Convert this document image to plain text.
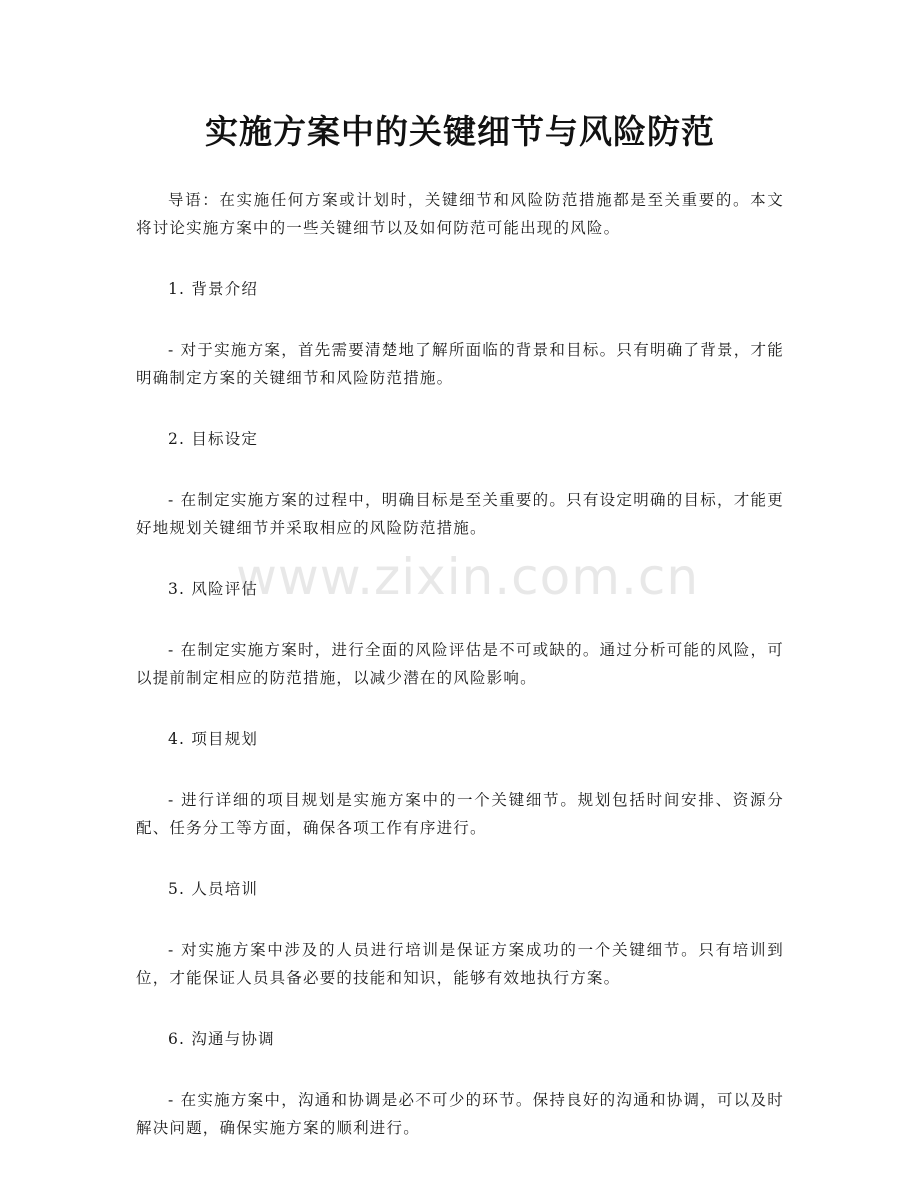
实施方案中的关键细节与风险防范

导语：在实施任何方案或计划时，关键细节和风险防范措施都是至关重要的。本文将讨论实施方案中的一些关键细节以及如何防范可能出现的风险。

1. 背景介绍

- 对于实施方案，首先需要清楚地了解所面临的背景和目标。只有明确了背景，才能明确制定方案的关键细节和风险防范措施。

2. 目标设定

- 在制定实施方案的过程中，明确目标是至关重要的。只有设定明确的目标，才能更好地规划关键细节并采取相应的风险防范措施。

3. 风险评估

- 在制定实施方案时，进行全面的风险评估是不可或缺的。通过分析可能的风险，可以提前制定相应的防范措施，以减少潜在的风险影响。

4. 项目规划

- 进行详细的项目规划是实施方案中的一个关键细节。规划包括时间安排、资源分配、任务分工等方面，确保各项工作有序进行。

5. 人员培训

- 对实施方案中涉及的人员进行培训是保证方案成功的一个关键细节。只有培训到位，才能保证人员具备必要的技能和知识，能够有效地执行方案。

6. 沟通与协调

- 在实施方案中，沟通和协调是必不可少的环节。保持良好的沟通和协调，可以及时解决问题，确保实施方案的顺利进行。

www.zixin.com.cn
